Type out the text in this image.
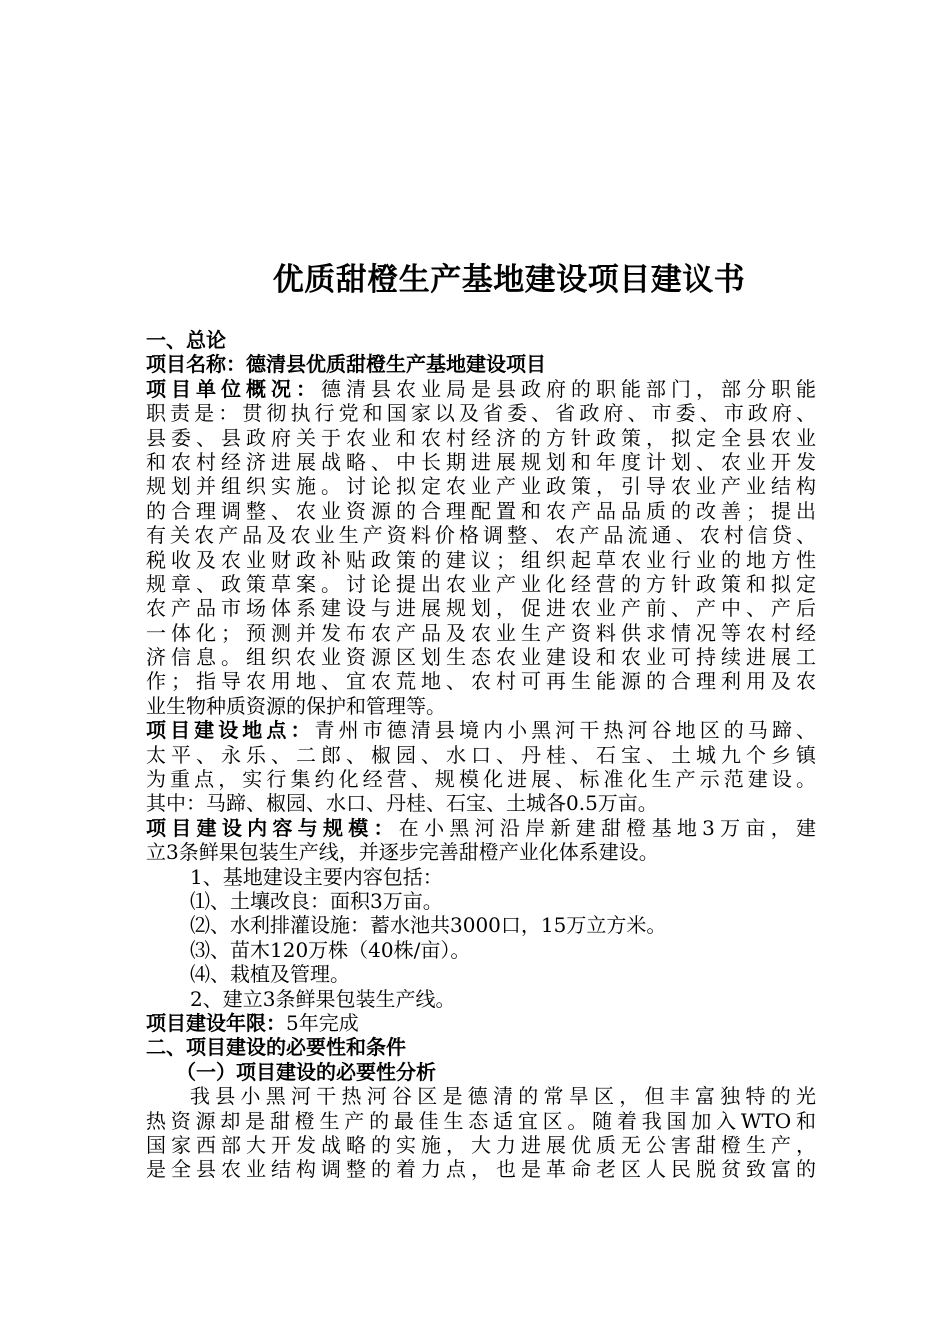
优质甜橙生产基地建设项目建议书
一、总论
项目名称：德清县优质甜橙生产基地建设项目
项目单位概况：德清县农业局是县政府的职能部门，部分职能
职责是：贯彻执行党和国家以及省委、省政府、市委、市政府、
县委、县政府关于农业和农村经济的方针政策，拟定全县农业
和农村经济进展战略、中长期进展规划和年度计划、农业开发
规划并组织实施。讨论拟定农业产业政策，引导农业产业结构
的合理调整、农业资源的合理配置和农产品品质的改善；提出
有关农产品及农业生产资料价格调整、农产品流通、农村信贷、
税收及农业财政补贴政策的建议；组织起草农业行业的地方性
规章、政策草案。讨论提出农业产业化经营的方针政策和拟定
农产品市场体系建设与进展规划，促进农业产前、产中、产后
一体化；预测并发布农产品及农业生产资料供求情况等农村经
济信息。组织农业资源区划生态农业建设和农业可持续进展工
作；指导农用地、宜农荒地、农村可再生能源的合理利用及农
业生物种质资源的保护和管理等。
项目建设地点：青州市德清县境内小黑河干热河谷地区的马蹄、
太平、永乐、二郎、椒园、水口、丹桂、石宝、土城九个乡镇
为重点，实行集约化经营、规模化进展、标准化生产示范建设。
其中：马蹄、椒园、水口、丹桂、石宝、土城各0.5万亩。
项目建设内容与规模：在小黑河沿岸新建甜橙基地3万亩，建
立3条鲜果包装生产线，并逐步完善甜橙产业化体系建设。
1、基地建设主要内容包括：
⑴、土壤改良：面积3万亩。
⑵、水利排灌设施：蓄水池共3000口，15万立方米。
⑶、苗木120万株（40株/亩）。
⑷、栽植及管理。
2、建立3条鲜果包装生产线。
项目建设年限：5年完成
二、项目建设的必要性和条件
（一）项目建设的必要性分析
我县小黑河干热河谷区是德清的常旱区，但丰富独特的光
热资源却是甜橙生产的最佳生态适宜区。随着我国加入WTO和
国家西部大开发战略的实施，大力进展优质无公害甜橙生产，
是全县农业结构调整的着力点，也是革命老区人民脱贫致富的
